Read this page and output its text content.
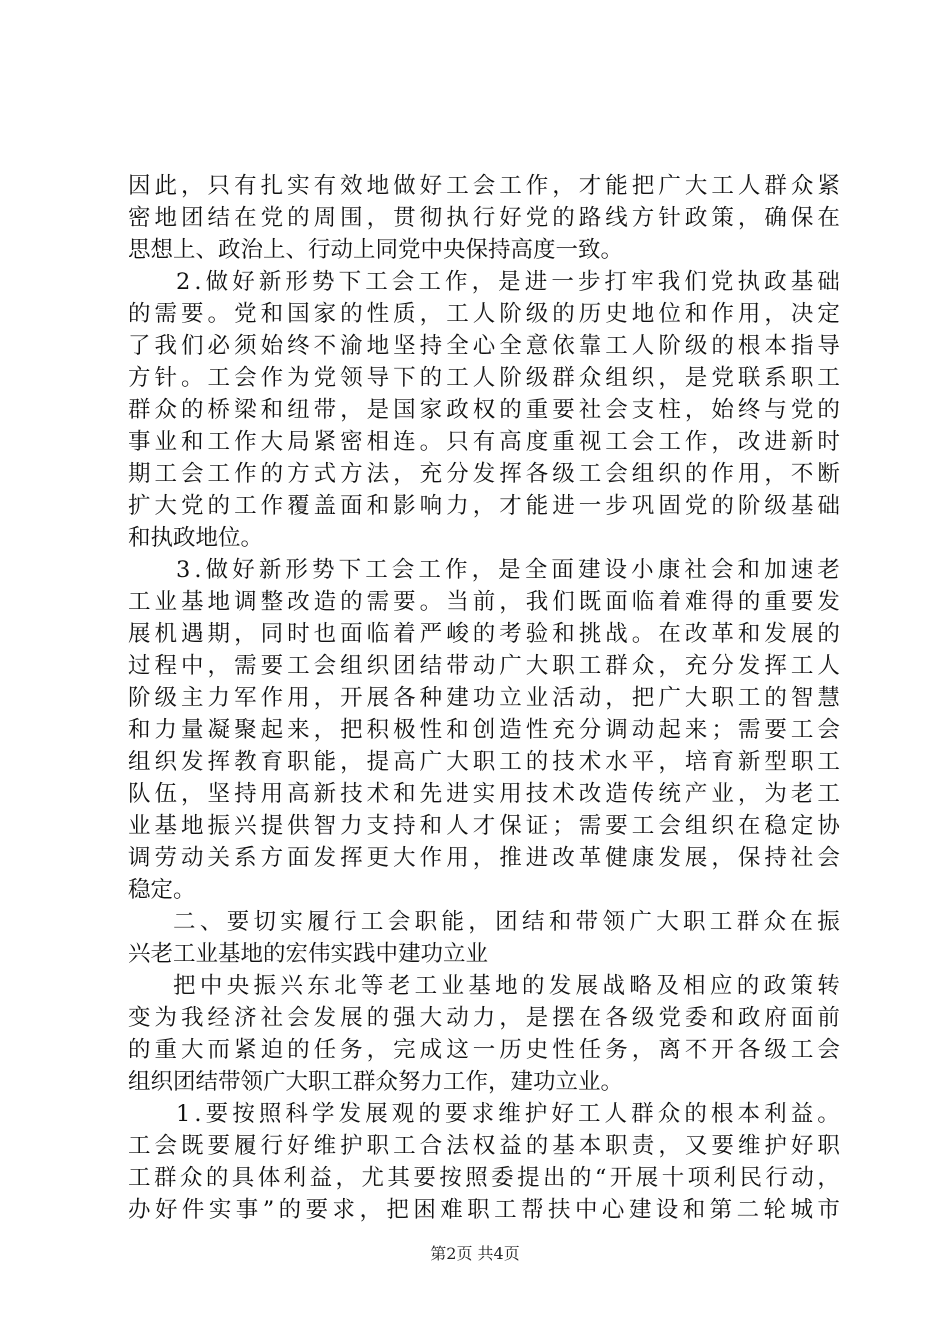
因 此 ， 只 有 扎 实 有 效 地 做 好 工 会 工 作 ， 才 能 把 广 大 工 人 群 众 紧
密 地 团 结 在 党 的 周 围 ， 贯 彻 执 行 好 党 的 路 线 方 针 政 策 ， 确 保 在
思想上、政治上、行动上同党中央保持高度一致。
2 . 做 好 新 形 势 下 工 会 工 作 ， 是 进 一 步 打 牢 我 们 党 执 政 基 础
的 需 要 。 党 和 国 家 的 性 质 ， 工 人 阶 级 的 历 史 地 位 和 作 用 ， 决 定
了 我 们 必 须 始 终 不 渝 地 坚 持 全 心 全 意 依 靠 工 人 阶 级 的 根 本 指 导
方 针 。 工 会 作 为 党 领 导 下 的 工 人 阶 级 群 众 组 织 ， 是 党 联 系 职 工
群 众 的 桥 梁 和 纽 带 ， 是 国 家 政 权 的 重 要 社 会 支 柱 ， 始 终 与 党 的
事 业 和 工 作 大 局 紧 密 相 连 。 只 有 高 度 重 视 工 会 工 作 ， 改 进 新 时
期 工 会 工 作 的 方 式 方 法 ， 充 分 发 挥 各 级 工 会 组 织 的 作 用 ， 不 断
扩 大 党 的 工 作 覆 盖 面 和 影 响 力 ， 才 能 进 一 步 巩 固 党 的 阶 级 基 础
和执政地位。
3 . 做 好 新 形 势 下 工 会 工 作 ， 是 全 面 建 设 小 康 社 会 和 加 速 老
工 业 基 地 调 整 改 造 的 需 要 。 当 前 ， 我 们 既 面 临 着 难 得 的 重 要 发
展 机 遇 期 ， 同 时 也 面 临 着 严 峻 的 考 验 和 挑 战 。 在 改 革 和 发 展 的
过 程 中 ， 需 要 工 会 组 织 团 结 带 动 广 大 职 工 群 众 ， 充 分 发 挥 工 人
阶 级 主 力 军 作 用 ， 开 展 各 种 建 功 立 业 活 动 ， 把 广 大 职 工 的 智 慧
和 力 量 凝 聚 起 来 ， 把 积 极 性 和 创 造 性 充 分 调 动 起 来 ； 需 要 工 会
组 织 发 挥 教 育 职 能 ， 提 高 广 大 职 工 的 技 术 水 平 ， 培 育 新 型 职 工
队 伍 ， 坚 持 用 高 新 技 术 和 先 进 实 用 技 术 改 造 传 统 产 业 ， 为 老 工
业 基 地 振 兴 提 供 智 力 支 持 和 人 才 保 证 ； 需 要 工 会 组 织 在 稳 定 协
调 劳 动 关 系 方 面 发 挥 更 大 作 用 ， 推 进 改 革 健 康 发 展 ， 保 持 社 会
稳定。
二 、 要 切 实 履 行 工 会 职 能 ， 团 结 和 带 领 广 大 职 工 群 众 在 振
兴老工业基地的宏伟实践中建功立业
把 中 央 振 兴 东 北 等 老 工 业 基 地 的 发 展 战 略 及 相 应 的 政 策 转
变 为 我 经 济 社 会 发 展 的 强 大 动 力 ， 是 摆 在 各 级 党 委 和 政 府 面 前
的 重 大 而 紧 迫 的 任 务 ， 完 成 这 一 历 史 性 任 务 ， 离 不 开 各 级 工 会
组织团结带领广大职工群众努力工作，建功立业。
1 . 要 按 照 科 学 发 展 观 的 要 求 维 护 好 工 人 群 众 的 根 本 利 益 。
工 会 既 要 履 行 好 维 护 职 工 合 法 权 益 的 基 本 职 责 ， 又 要 维 护 好 职
工 群 众 的 具 体 利 益 ， 尤 其 要 按 照 委 提 出 的 “ 开 展 十 项 利 民 行 动 ，
办 好 件 实 事 ” 的 要 求 ， 把 困 难 职 工 帮 扶 中 心 建 设 和 第 二 轮 城 市
第2页 共4页
